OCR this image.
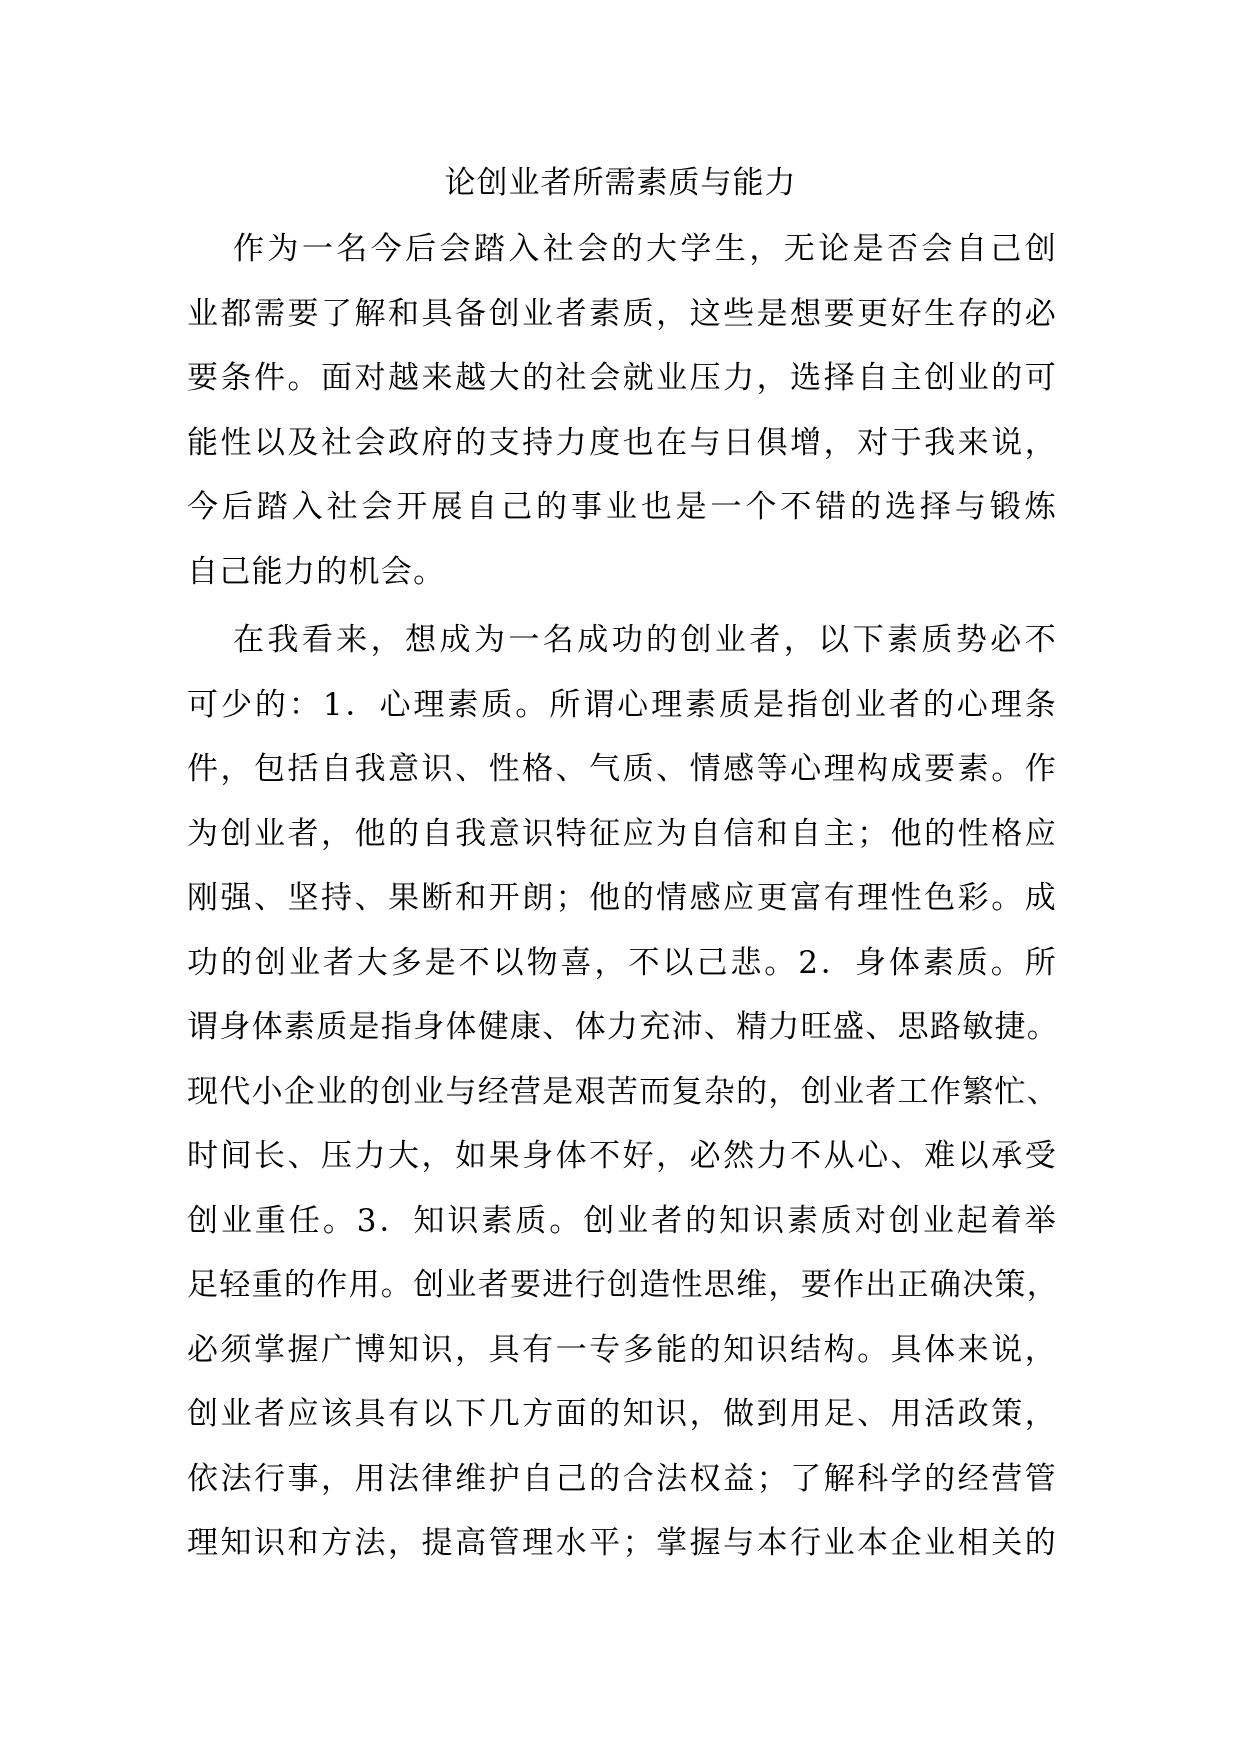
论创业者所需素质与能力
作为一名今后会踏入社会的大学生，无论是否会自己创
业都需要了解和具备创业者素质，这些是想要更好生存的必
要条件。面对越来越大的社会就业压力，选择自主创业的可
能性以及社会政府的支持力度也在与日俱增，对于我来说，
今后踏入社会开展自己的事业也是一个不错的选择与锻炼
自己能力的机会。
在我看来，想成为一名成功的创业者，以下素质势必不
可少的：1．心理素质。所谓心理素质是指创业者的心理条
件，包括自我意识、性格、气质、情感等心理构成要素。作
为创业者，他的自我意识特征应为自信和自主；他的性格应
刚强、坚持、果断和开朗；他的情感应更富有理性色彩。成
功的创业者大多是不以物喜，不以己悲。2．身体素质。所
谓身体素质是指身体健康、体力充沛、精力旺盛、思路敏捷。
现代小企业的创业与经营是艰苦而复杂的，创业者工作繁忙、
时间长、压力大，如果身体不好，必然力不从心、难以承受
创业重任。3．知识素质。创业者的知识素质对创业起着举
足轻重的作用。创业者要进行创造性思维，要作出正确决策，
必须掌握广博知识，具有一专多能的知识结构。具体来说，
创业者应该具有以下几方面的知识，做到用足、用活政策，
依法行事，用法律维护自己的合法权益；了解科学的经营管
理知识和方法，提高管理水平；掌握与本行业本企业相关的
